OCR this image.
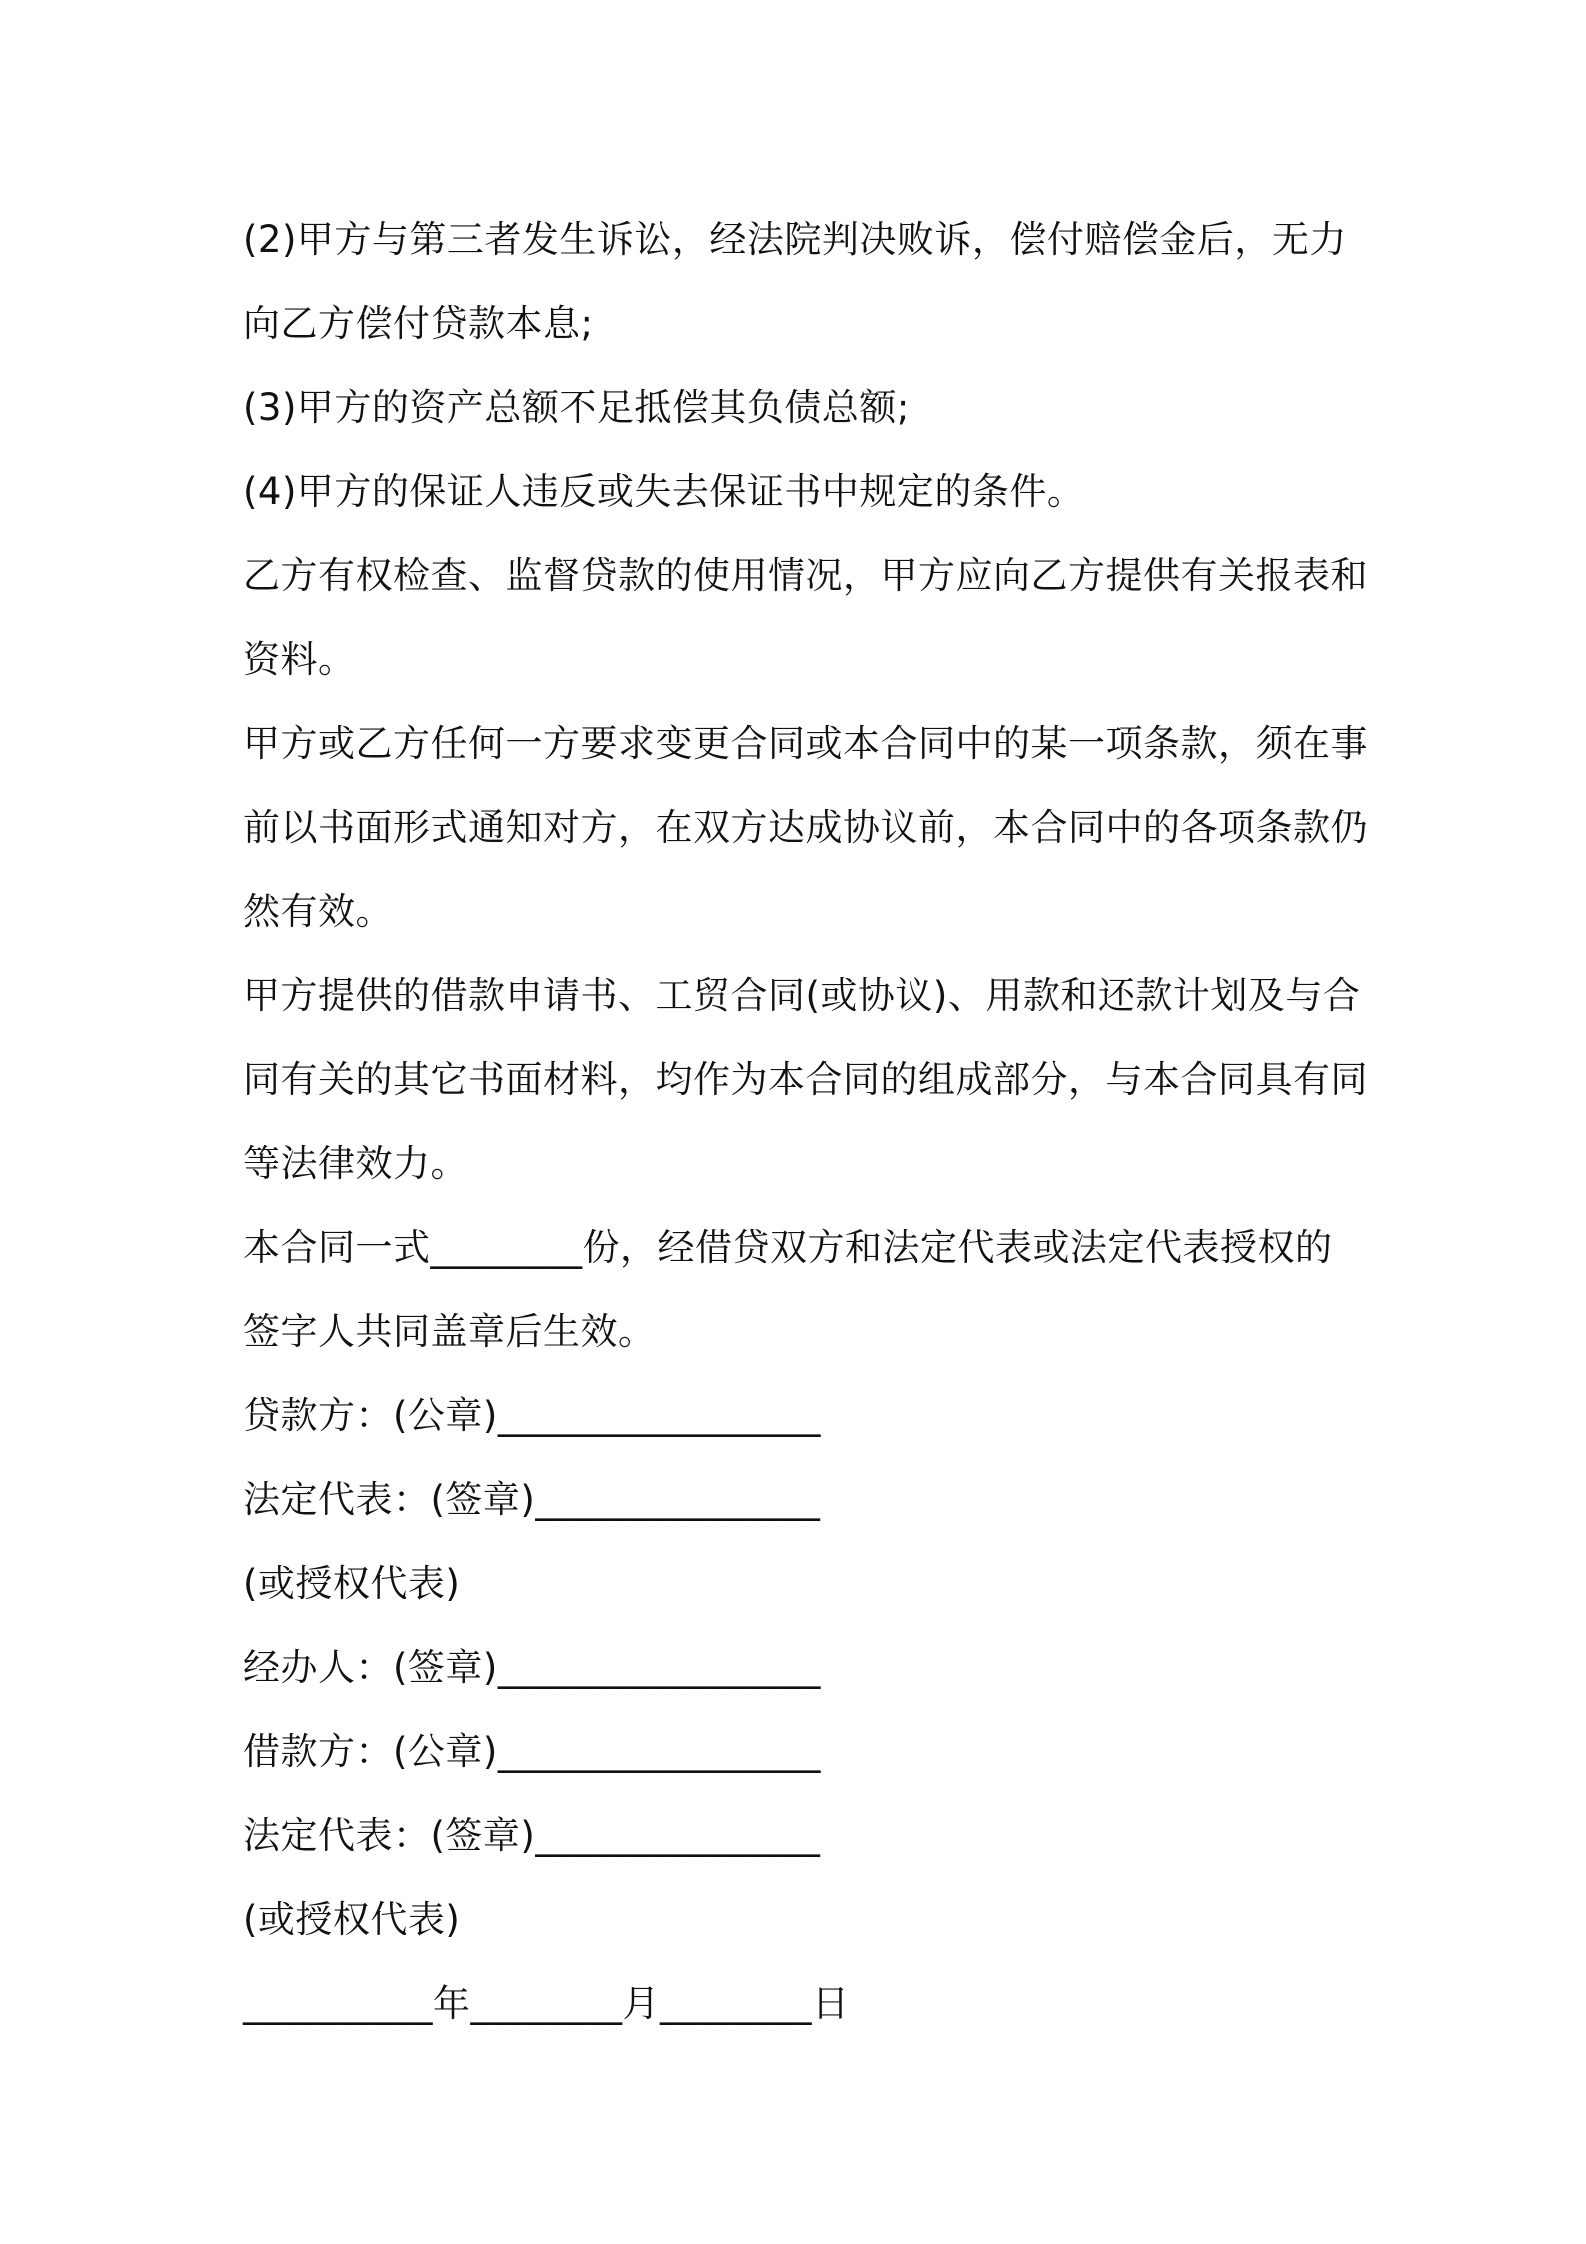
(2)甲方与第三者发生诉讼，经法院判决败诉，偿付赔偿金后，无力
向乙方偿付贷款本息;
(3)甲方的资产总额不足抵偿其负债总额;
(4)甲方的保证人违反或失去保证书中规定的条件。
乙方有权检查、监督贷款的使用情况，甲方应向乙方提供有关报表和
资料。
甲方或乙方任何一方要求变更合同或本合同中的某一项条款，须在事
前以书面形式通知对方，在双方达成协议前，本合同中的各项条款仍
然有效。
甲方提供的借款申请书、工贸合同(或协议)、用款和还款计划及与合
同有关的其它书面材料，均作为本合同的组成部分，与本合同具有同
等法律效力。
本合同一式________份，经借贷双方和法定代表或法定代表授权的
签字人共同盖章后生效。
贷款方：(公章)_________________
法定代表：(签章)_______________
(或授权代表)
经办人：(签章)_________________
借款方：(公章)_________________
法定代表：(签章)_______________
(或授权代表)
__________年________月________日
